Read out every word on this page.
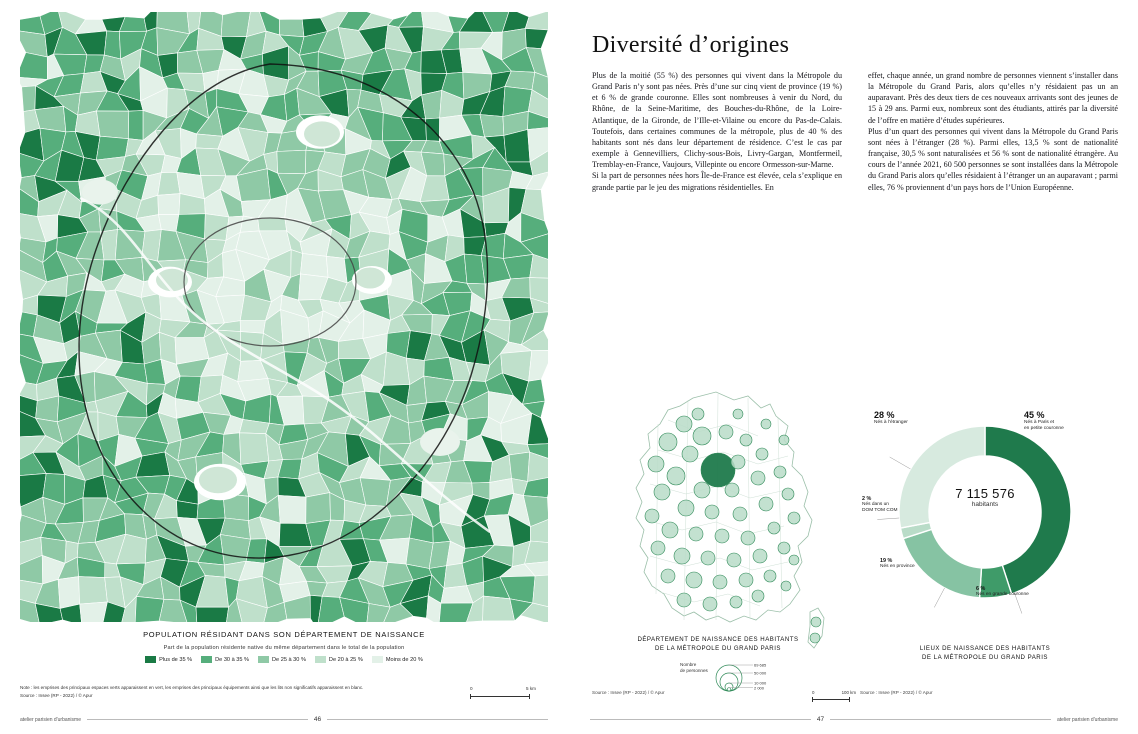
POPULATION RÉSIDANT DANS SON DÉPARTEMENT DE NAISSANCE
Part de la population résidente native du même département dans le total de la population
Plus de 35 %	De 30 à 35 %	De 25 à 30 %	De 20 à 25 %	Moins de 20 %
Note : les emprises des principaux espaces verts apparaissent en vert, les emprises des principaux équipements ainsi que les lits non significatifs apparaissent en blanc.
Source : Insee (RP - 2022) / © Apur
0	5 km
atelier parisien d'urbanisme	46
Diversité d’origines

Plus de la moitié (55 %) des personnes qui vivent dans la Métropole du Grand Paris n’y sont pas nées. Près d’une sur cinq vient de province (19 %) et 6 % de grande couronne. Elles sont nombreuses à venir du Nord, du Rhône, de la Seine-Maritime, des Bouches-du-Rhône, de la Loire-Atlantique, de la Gironde, de l’Ille-et-Vilaine ou encore du Pas-de-Calais. Toutefois, dans certaines communes de la métropole, plus de 40 % des habitants sont nés dans leur département de résidence. C’est le cas par exemple à Gennevilliers, Clichy-sous-Bois, Livry-Gargan, Montfermeil, Tremblay-en-France, Vaujours, Villepinte ou encore Ormesson-sur-Marne.
Si la part de personnes nées hors Île-de-France est élevée, cela s’explique en grande partie par le jeu des migrations résidentielles. En

effet, chaque année, un grand nombre de personnes viennent s’installer dans la Métropole du Grand Paris, alors qu’elles n’y résidaient pas un an auparavant. Près des deux tiers de ces nouveaux arrivants sont des jeunes de 15 à 29 ans. Parmi eux, nombreux sont des étudiants, attirés par la diversité de l’offre en matière d’études supérieures.
Plus d’un quart des personnes qui vivent dans la Métropole du Grand Paris sont nées à l’étranger (28 %). Parmi elles, 13,5 % sont de nationalité française, 30,5 % sont naturalisées et 56 % sont de nationalité étrangère. Au cours de l’année 2021, 60 500 personnes se sont installées dans la Métropole du Grand Paris alors qu’elles résidaient à l’étranger un an auparavant ; parmi elles, 76 % proviennent d’un pays hors de l’Union Européenne.

DÉPARTEMENT DE NAISSANCE DES HABITANTS
DE LA MÉTROPOLE DU GRAND PARIS
Nombre
de personnes
69 685
50 000
10 000
2 000
Source : Insee (RP - 2022) / © Apur	0	100 km
7 115 576
habitants
45 %
Nés à Paris et
en petite couronne
28 %
Nés à l’étranger
2 %
Nés dans un
DOM TOM COM
19 %
Nés en province
6 %
Nés en grande couronne
LIEUX DE NAISSANCE DES HABITANTS
DE LA MÉTROPOLE DU GRAND PARIS
Source : Insee (RP - 2022) / © Apur
47	atelier parisien d'urbanisme
